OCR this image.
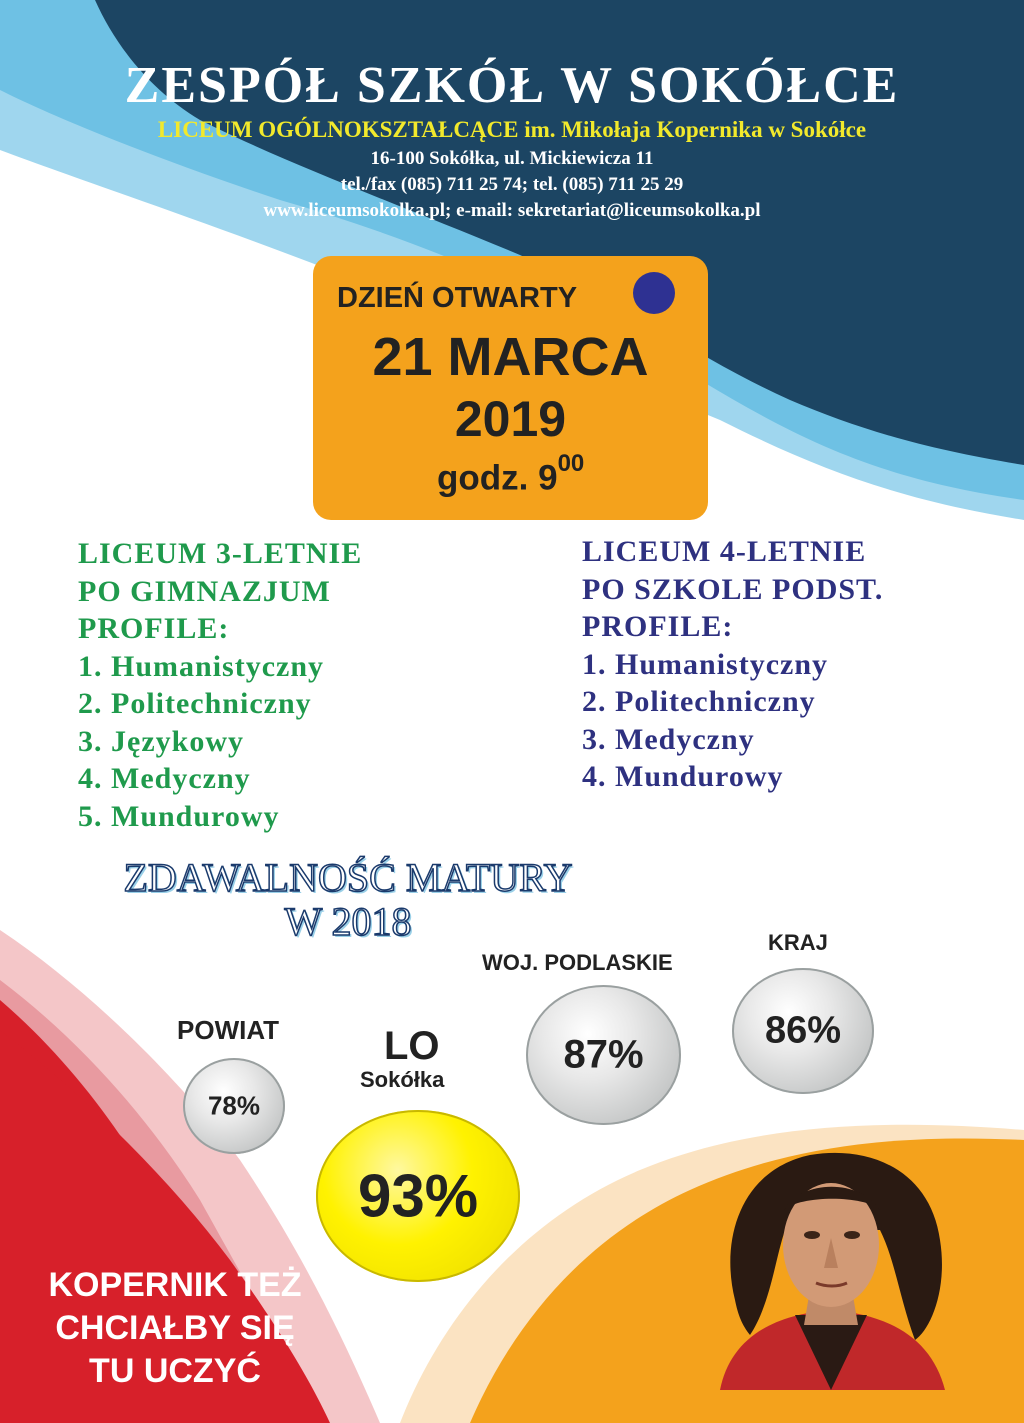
ZESPÓŁ SZKÓŁ W SOKÓŁCE
LICEUM OGÓLNOKSZTAŁCĄCE im. Mikołaja Kopernika w Sokółce
16-100 Sokółka, ul. Mickiewicza 11
tel./fax (085) 711 25 74; tel. (085) 711 25 29
www.liceumsokolka.pl; e-mail: sekretariat@liceumsokolka.pl
DZIEŃ OTWARTY
21 MARCA
2019
godz. $9^{00}$
LICEUM 3-LETNIE
PO GIMNAZJUM
PROFILE:
1. Humanistyczny
2. Politechniczny
3. Językowy
4. Medyczny
5. Mundurowy
LICEUM 4-LETNIE
PO SZKOLE PODST.
PROFILE:
1. Humanistyczny
2. Politechniczny
3. Medyczny
4. Mundurowy
ZDAWALNOŚĆ MATURY
W 2018
POWIAT
WOJ. PODLASKIE
KRAJ
LO
Sokółka
78%
87%
86%
93%
KOPERNIK TEŻ
CHCIAŁBY SIĘ
TU UCZYĆ
